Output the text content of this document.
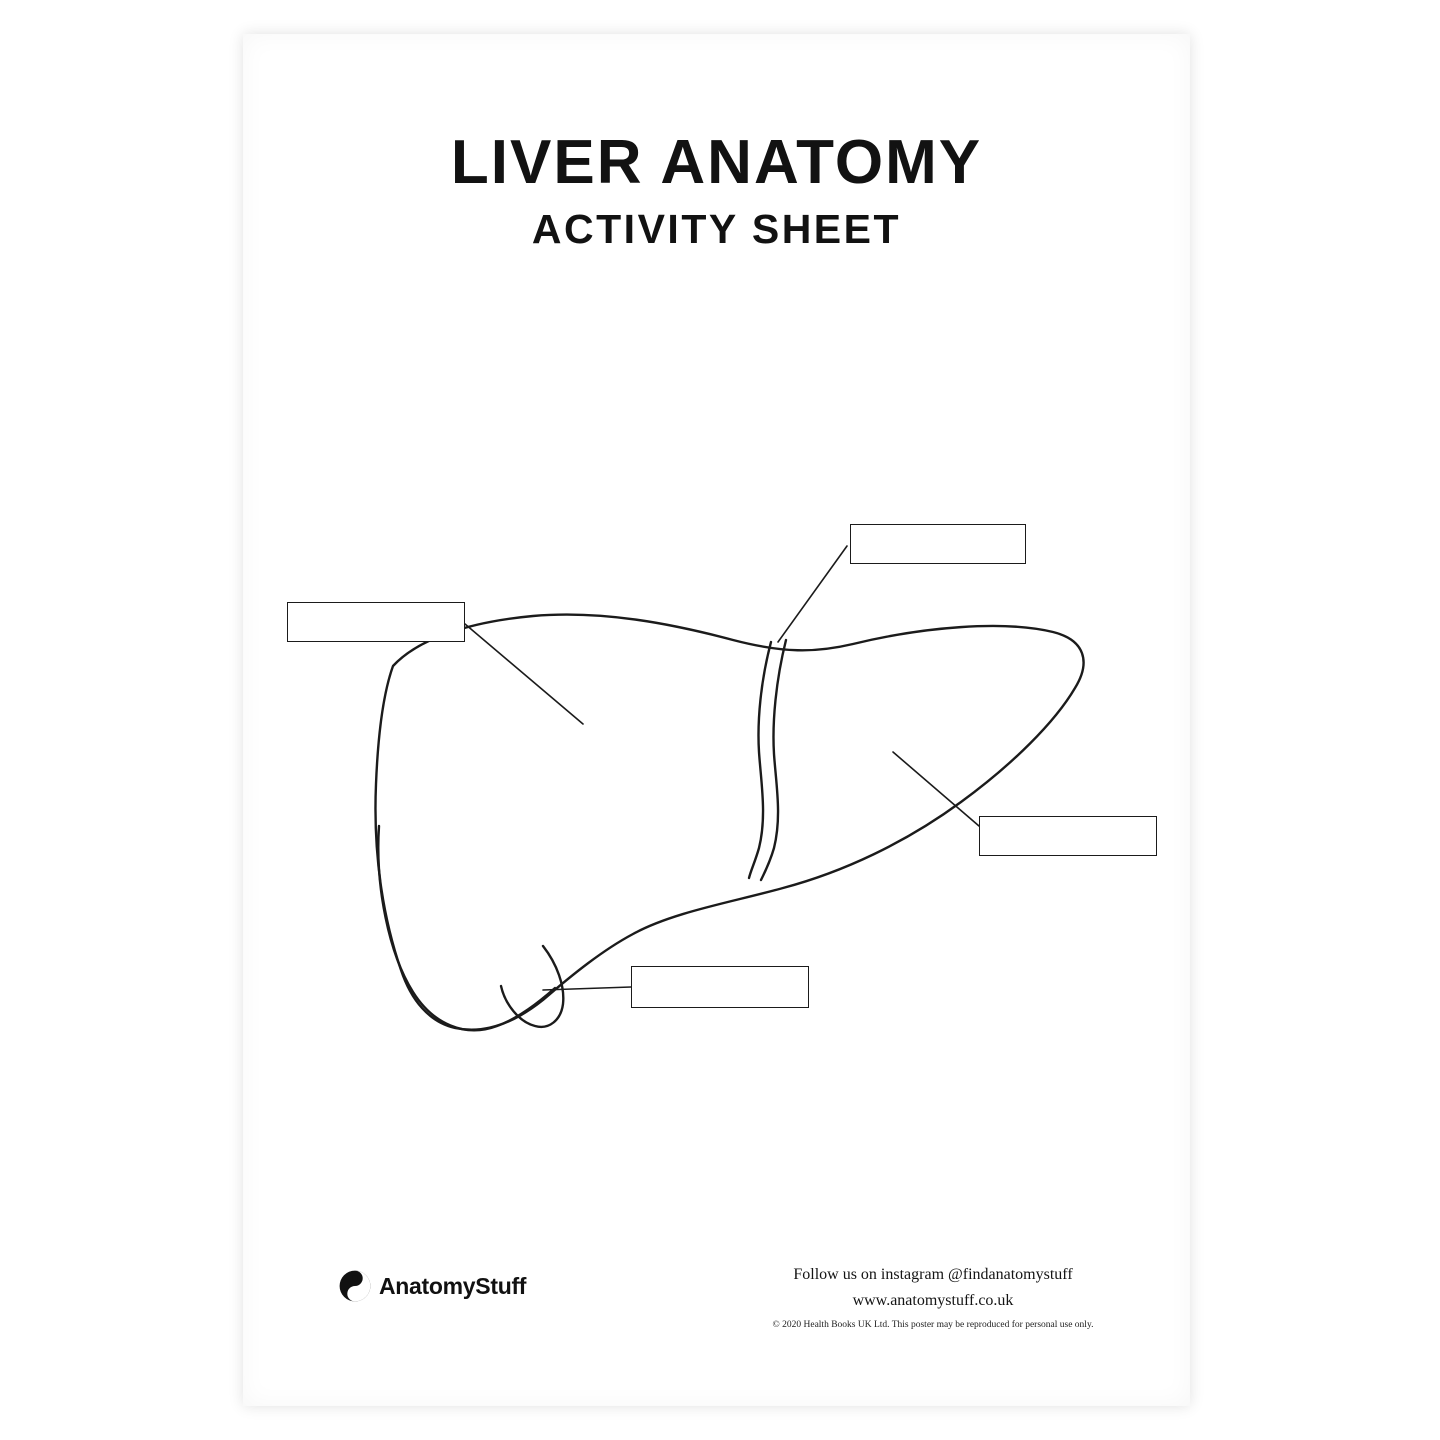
LIVER ANATOMY
ACTIVITY SHEET
AnatomyStuff	Follow us on instagram @findanatomystuff
www.anatomystuff.co.uk
© 2020 Health Books UK Ltd. This poster may be reproduced for personal use only.
